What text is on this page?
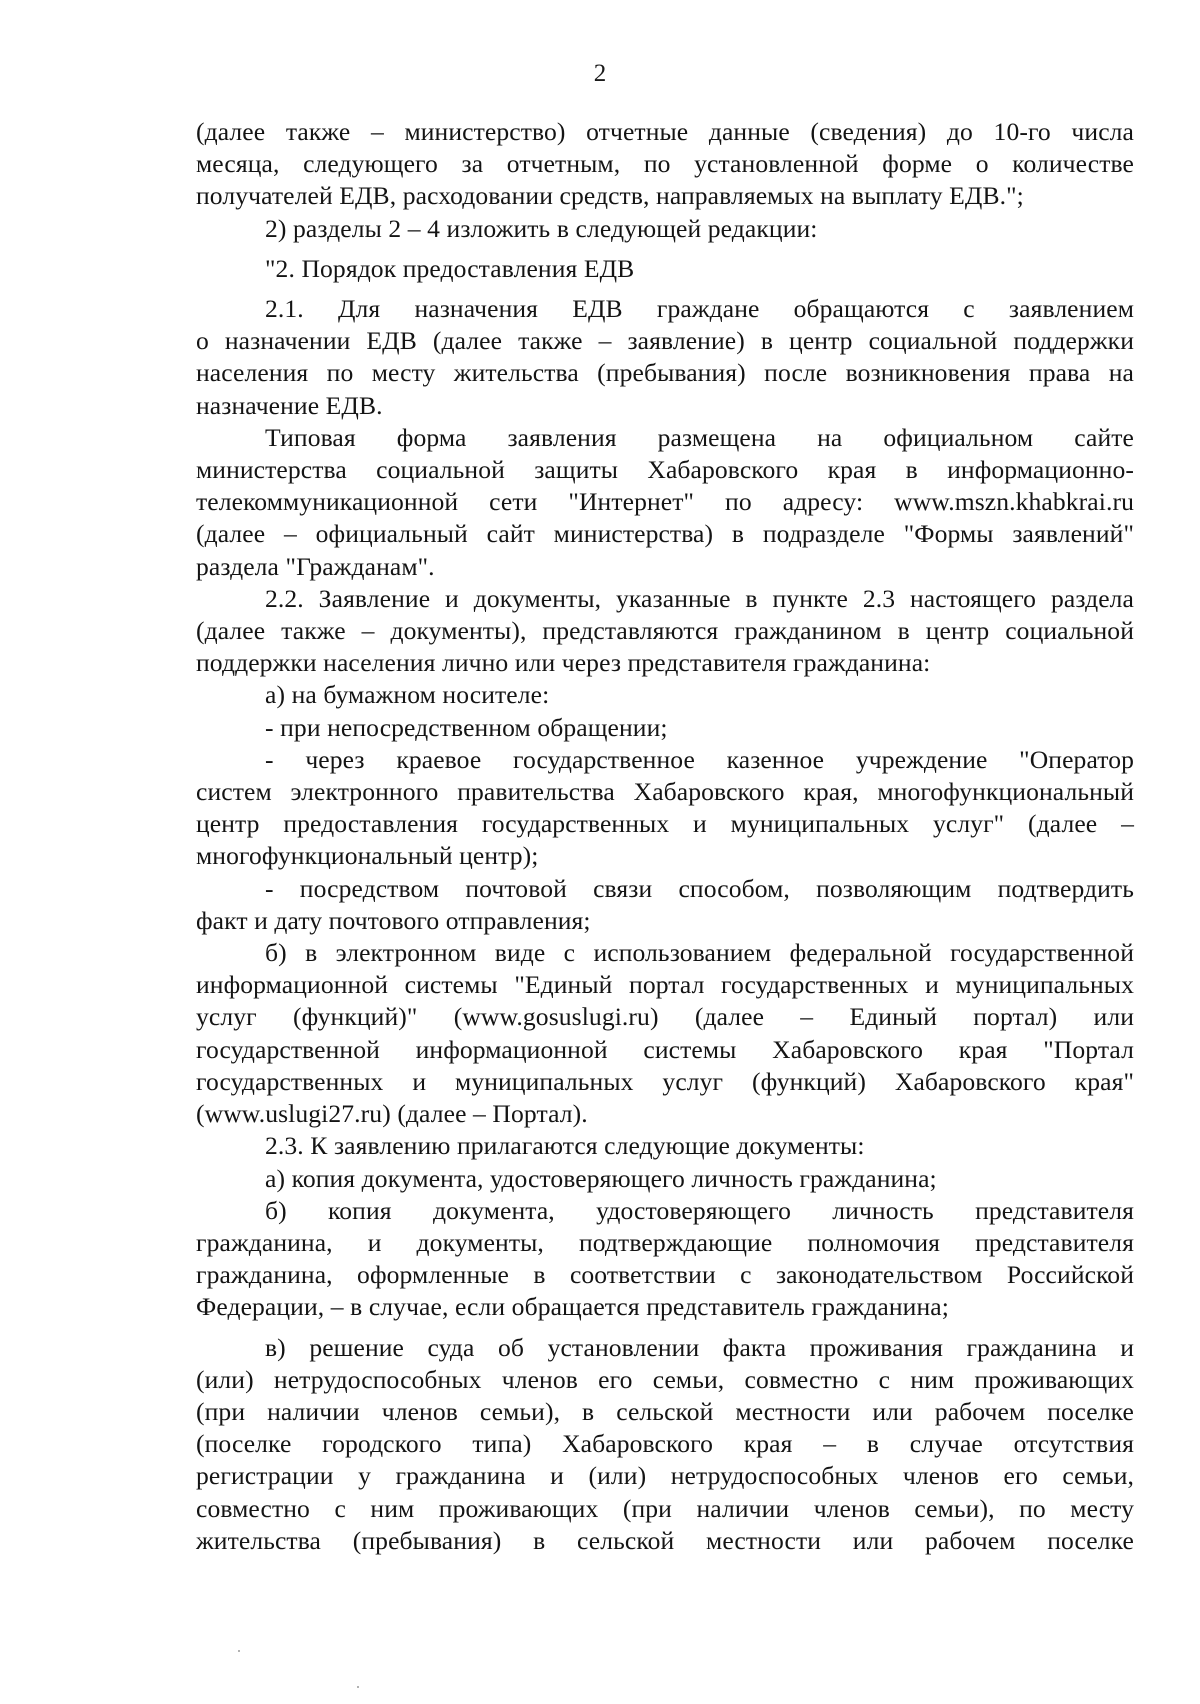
2
(далее также – министерство) отчетные данные (сведения) до 10-го числа
месяца, следующего за отчетным, по установленной форме о количестве
получателей ЕДВ, расходовании средств, направляемых на выплату ЕДВ.";
2) разделы 2 – 4 изложить в следующей редакции:
"2. Порядок предоставления ЕДВ
2.1. Для назначения ЕДВ граждане обращаются с заявлением
о назначении ЕДВ (далее также – заявление) в центр социальной поддержки
населения по месту жительства (пребывания) после возникновения права на
назначение ЕДВ.
Типовая форма заявления размещена на официальном сайте
министерства социальной защиты Хабаровского края в информационно-
телекоммуникационной сети "Интернет" по адресу: www.mszn.khabkrai.ru
(далее – официальный сайт министерства) в подразделе "Формы заявлений"
раздела "Гражданам".
2.2. Заявление и документы, указанные в пункте 2.3 настоящего раздела
(далее также – документы), представляются гражданином в центр социальной
поддержки населения лично или через представителя гражданина:
а) на бумажном носителе:
- при непосредственном обращении;
- через краевое государственное казенное учреждение "Оператор
систем электронного правительства Хабаровского края, многофункциональный
центр предоставления государственных и муниципальных услуг" (далее –
многофункциональный центр);
- посредством почтовой связи способом, позволяющим подтвердить
факт и дату почтового отправления;
б) в электронном виде с использованием федеральной государственной
информационной системы "Единый портал государственных и муниципальных
услуг (функций)" (www.gosuslugi.ru) (далее – Единый портал) или
государственной информационной системы Хабаровского края "Портал
государственных и муниципальных услуг (функций) Хабаровского края"
(www.uslugi27.ru) (далее – Портал).
2.3. К заявлению прилагаются следующие документы:
а) копия документа, удостоверяющего личность гражданина;
б) копия документа, удостоверяющего личность представителя
гражданина, и документы, подтверждающие полномочия представителя
гражданина, оформленные в соответствии с законодательством Российской
Федерации, – в случае, если обращается представитель гражданина;
в) решение суда об установлении факта проживания гражданина и
(или) нетрудоспособных членов его семьи, совместно с ним проживающих
(при наличии членов семьи), в сельской местности или рабочем поселке
(поселке городского типа) Хабаровского края – в случае отсутствия
регистрации у гражданина и (или) нетрудоспособных членов его семьи,
совместно с ним проживающих (при наличии членов семьи), по месту
жительства (пребывания) в сельской местности или рабочем поселке
